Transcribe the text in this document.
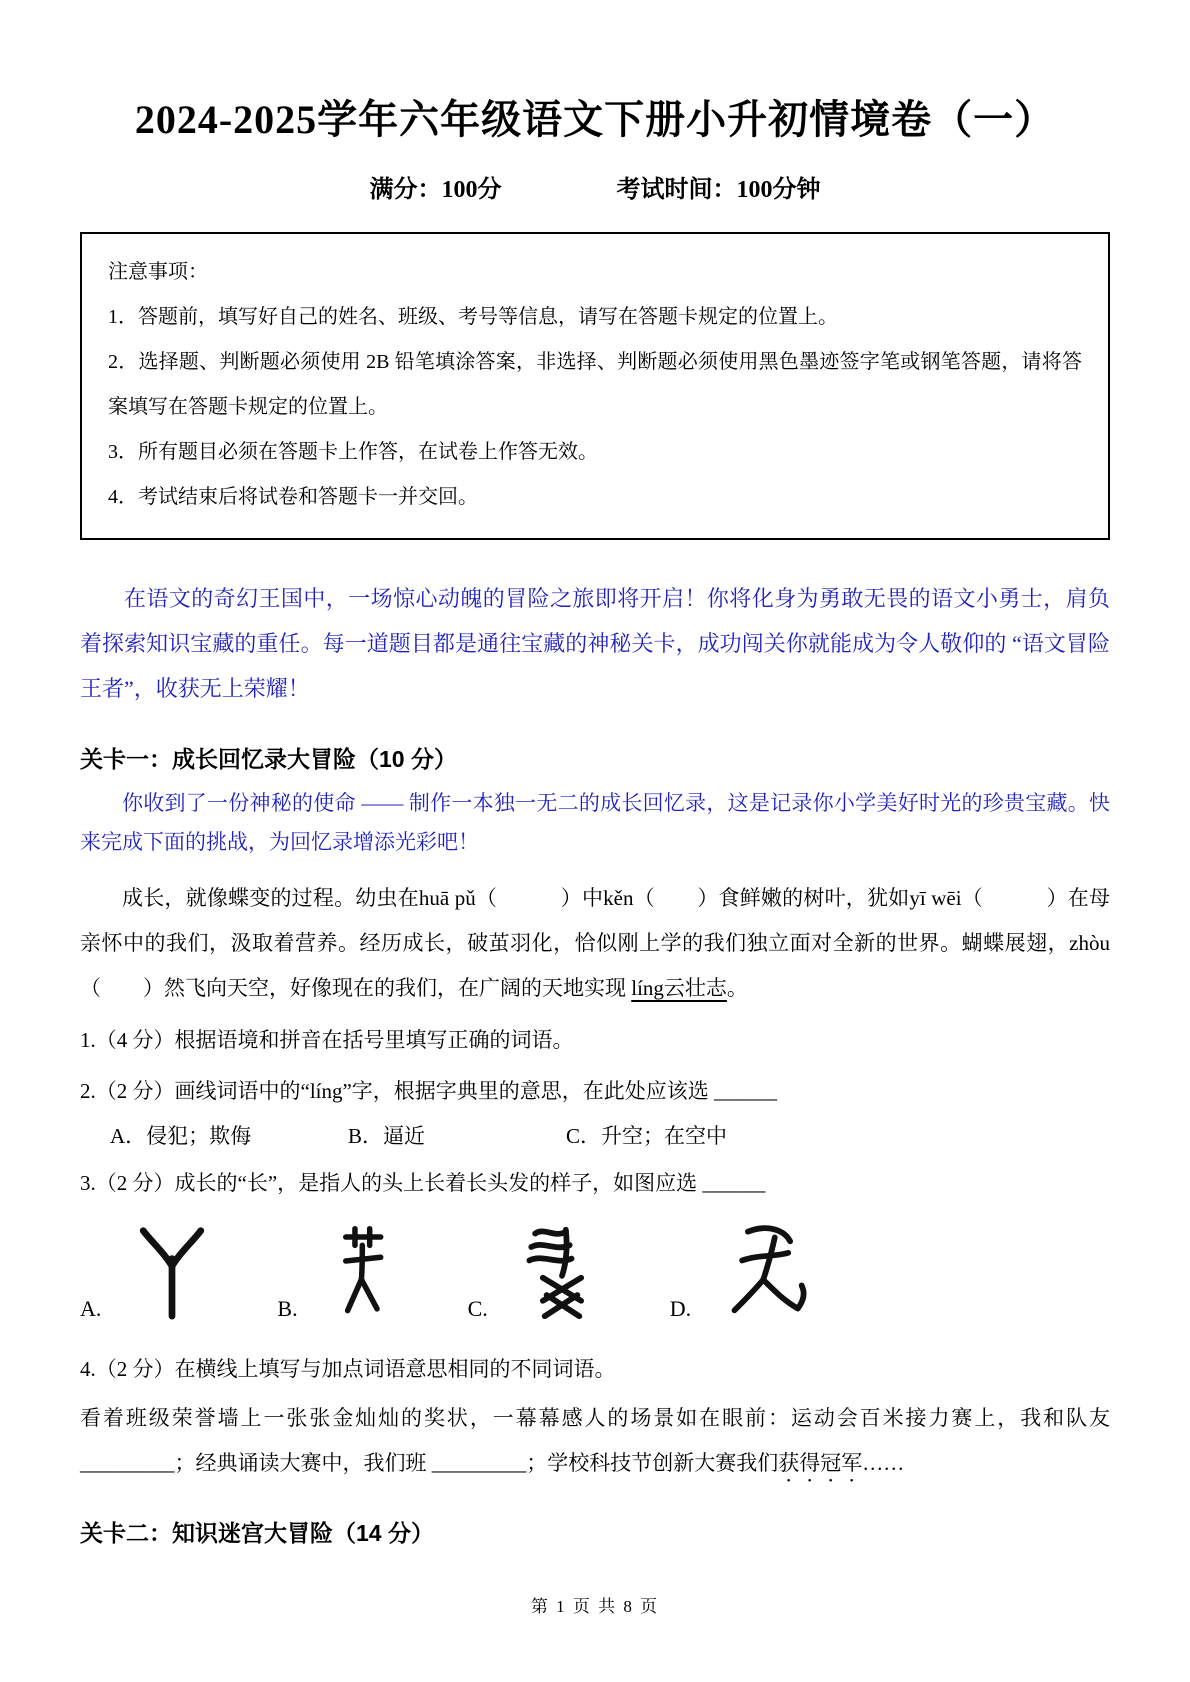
2024-2025学年六年级语文下册小升初情境卷（一）
满分：100分	考试时间：100分钟

注意事项：

1．答题前，填写好自己的姓名、班级、考号等信息，请写在答题卡规定的位置上。

2．选择题、判断题必须使用 2B 铅笔填涂答案，非选择、判断题必须使用黑色墨迹签字笔或钢笔答题，请将答案填写在答题卡规定的位置上。

3．所有题目必须在答题卡上作答，在试卷上作答无效。

4．考试结束后将试卷和答题卡一并交回。

在语文的奇幻王国中，一场惊心动魄的冒险之旅即将开启！你将化身为勇敢无畏的语文小勇士，肩负着探索知识宝藏的重任。每一道题目都是通往宝藏的神秘关卡，成功闯关你就能成为令人敬仰的 “语文冒险王者”，收获无上荣耀！

关卡一：成长回忆录大冒险（10 分）

你收到了一份神秘的使命 —— 制作一本独一无二的成长回忆录，这是记录你小学美好时光的珍贵宝藏。快来完成下面的挑战，为回忆录增添光彩吧！

成长，就像蝶变的过程。幼虫在huā pǔ（　　　）中kěn（　　）食鲜嫩的树叶，犹如yī wēi（　　　）在母亲怀中的我们，汲取着营养。经历成长，破茧羽化，恰似刚上学的我们独立面对全新的世界。蝴蝶展翅，zhòu（　　）然飞向天空，好像现在的我们，在广阔的天地实现 líng云壮志。

1.（4 分）根据语境和拼音在括号里填写正确的词语。

2.（2 分）画线词语中的“líng”字，根据字典里的意思，在此处应该选 ______

A．侵犯；欺侮	B．逼近	C．升空；在空中

3.（2 分）成长的“长”，是指人的头上长着长头发的样子，如图应选 ______

A.	B.	C.	D.

4.（2 分）在横线上填写与加点词语意思相同的不同词语。

看着班级荣誉墙上一张张金灿灿的奖状，一幕幕感人的场景如在眼前：运动会百米接力赛上，我和队友 _________；经典诵读大赛中，我们班 _________；学校科技节创新大赛我们获得冠军……

关卡二：知识迷宫大冒险（14 分）
第 1 页 共 8 页
